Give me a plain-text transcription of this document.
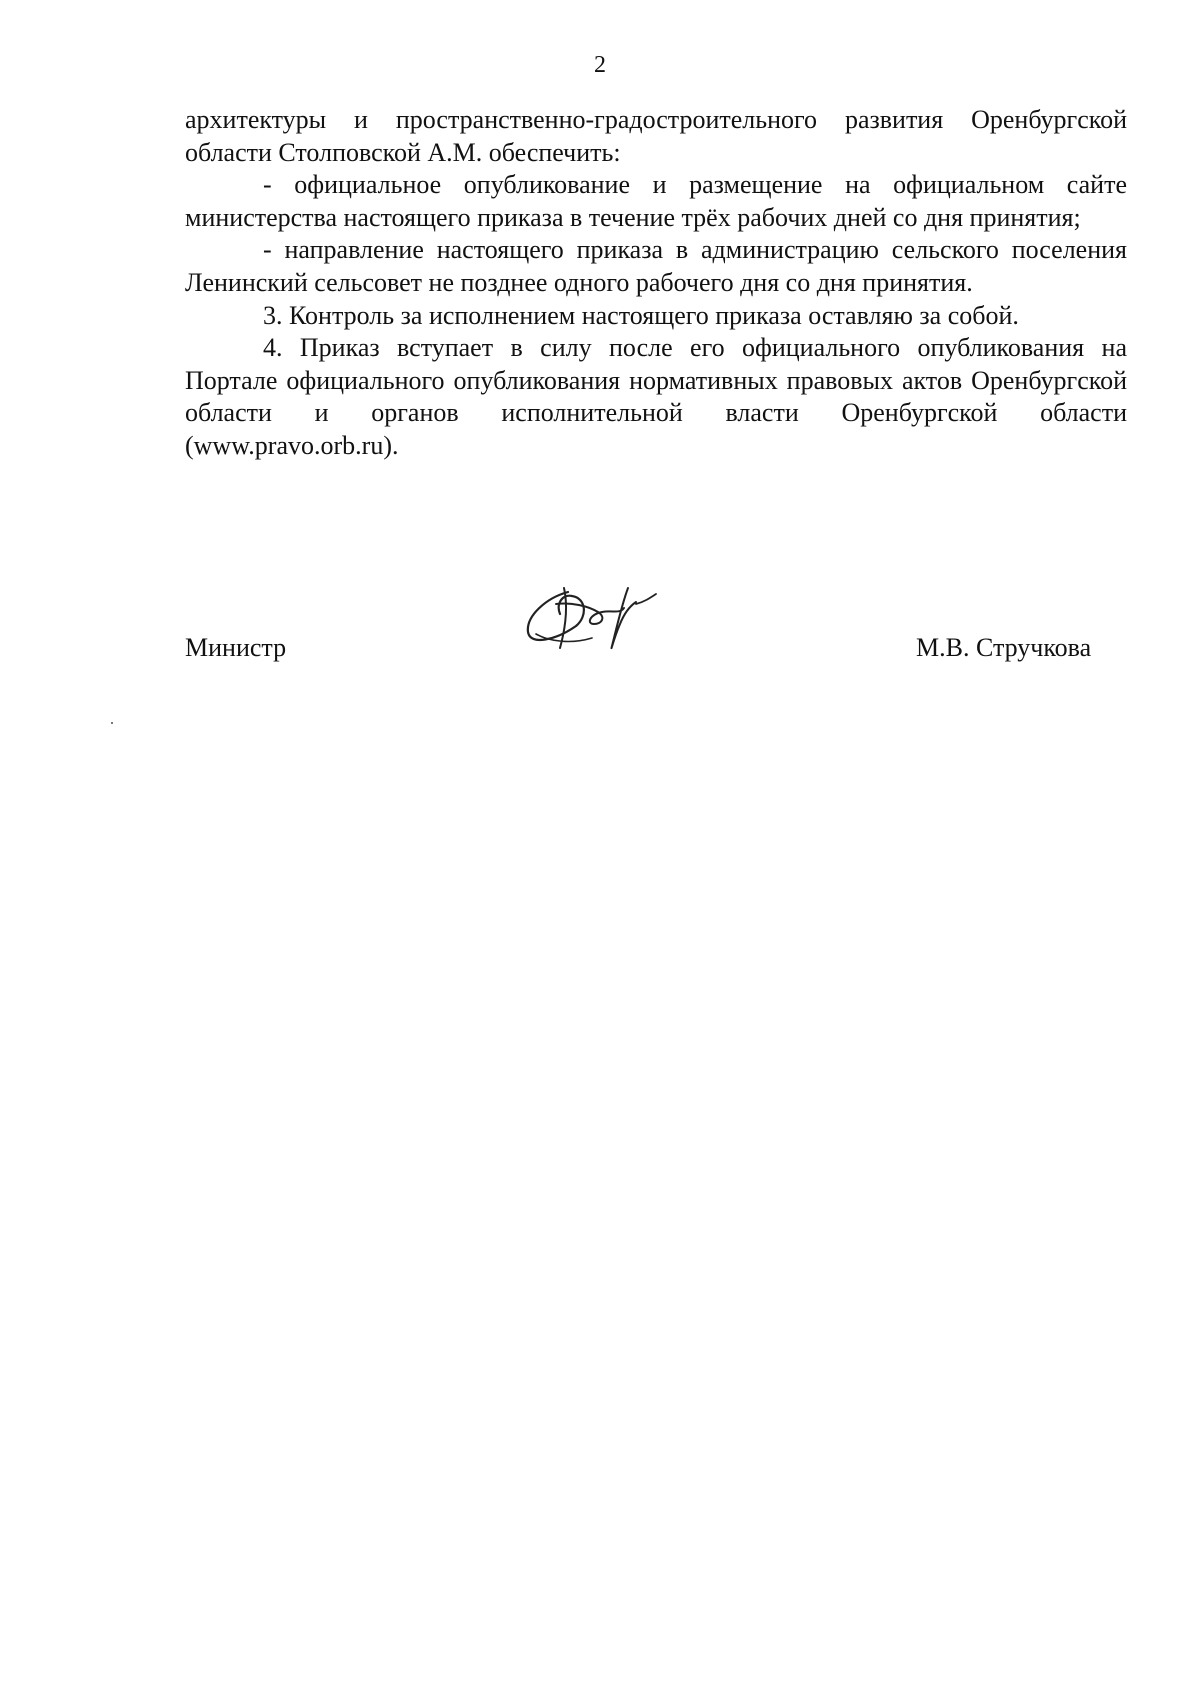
2

архитектуры и пространственно-градостроительного развития Оренбургской области Столповской А.М. обеспечить:

- официальное опубликование и размещение на официальном сайте министерства настоящего приказа в течение трёх рабочих дней со дня принятия;

- направление настоящего приказа в администрацию сельского поселения Ленинский сельсовет не позднее одного рабочего дня со дня принятия.

3. Контроль за исполнением настоящего приказа оставляю за собой.

4. Приказ вступает в силу после его официального опубликования на Портале официального опубликования нормативных правовых актов Оренбургской области и органов исполнительной власти Оренбургской области (www.pravo.orb.ru).

Министр	М.В. Стручкова
